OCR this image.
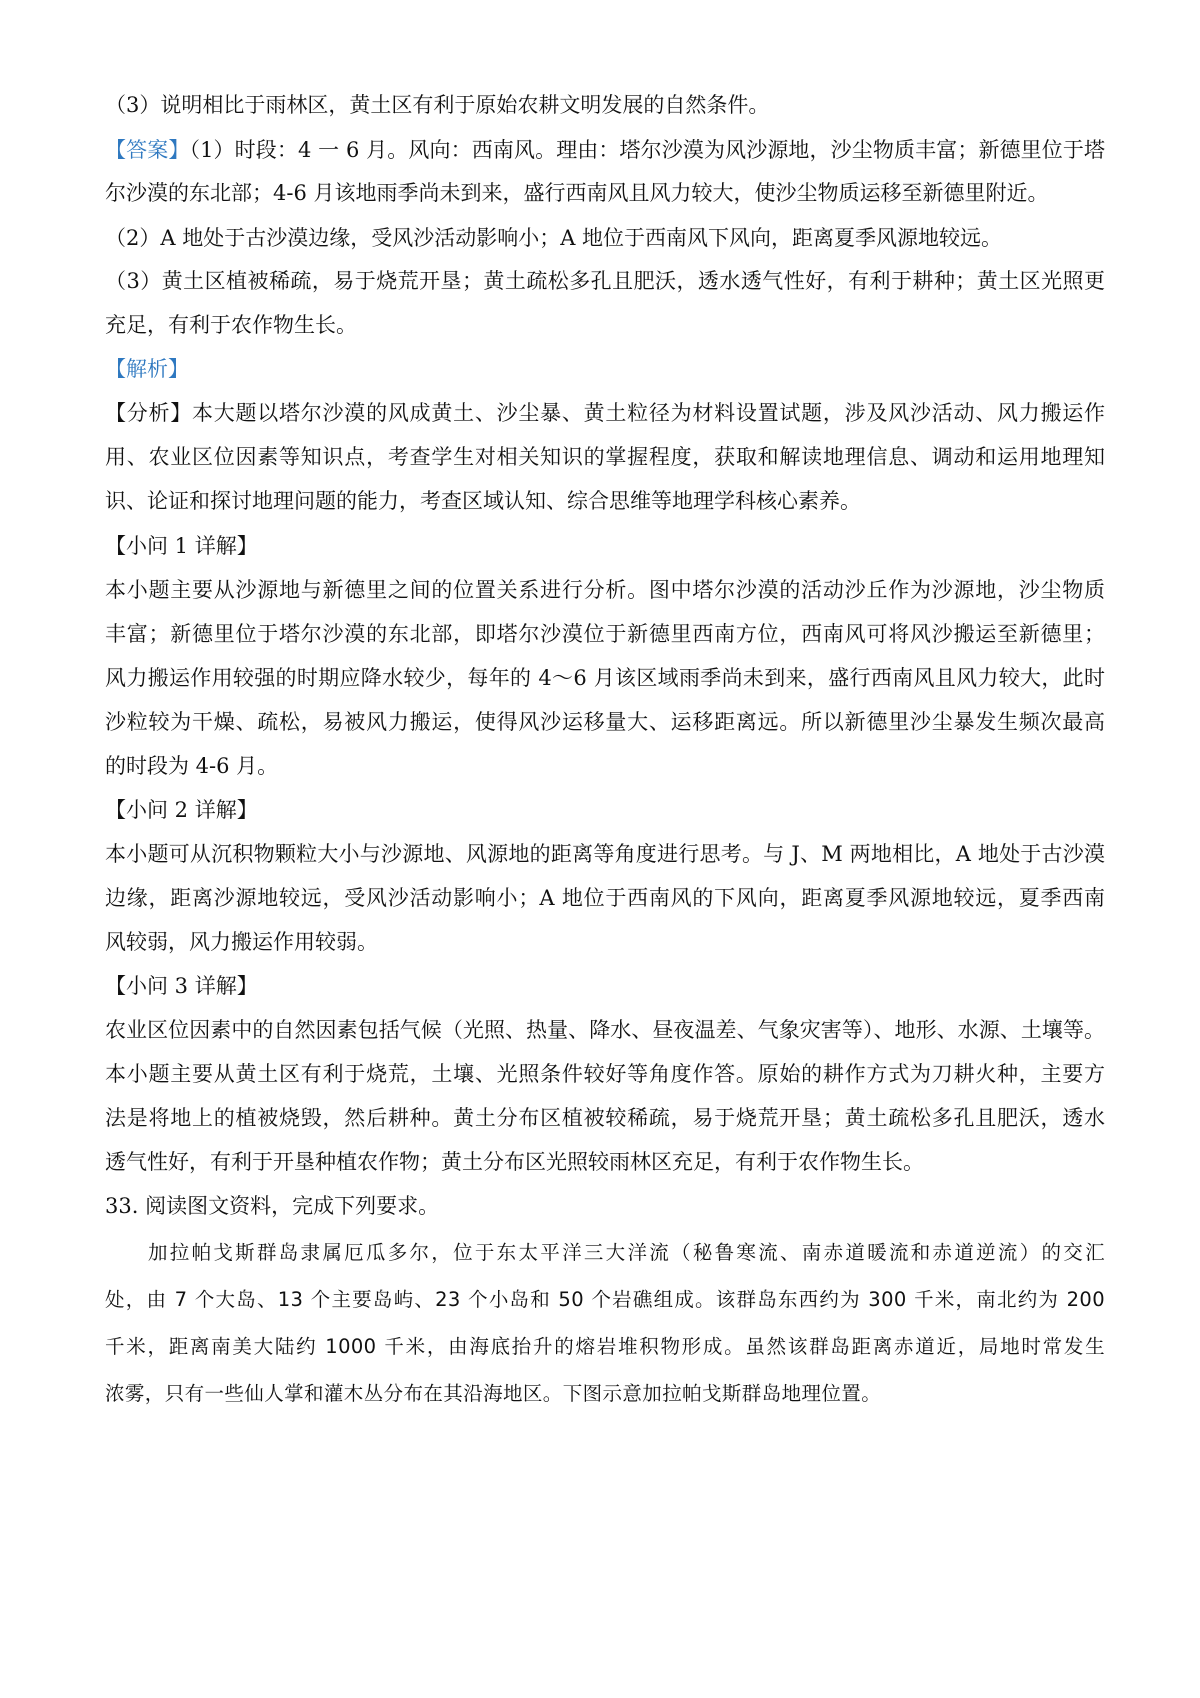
（3）说明相比于雨林区，黄土区有利于原始农耕文明发展的自然条件。
【答案】（1）时段：4 一 6 月。风向：西南风。理由：塔尔沙漠为风沙源地，沙尘物质丰富；新德里位于塔
尔沙漠的东北部；4-6 月该地雨季尚未到来，盛行西南风且风力较大，使沙尘物质运移至新德里附近。
（2）A 地处于古沙漠边缘，受风沙活动影响小；A 地位于西南风下风向，距离夏季风源地较远。
（3）黄土区植被稀疏，易于烧荒开垦；黄土疏松多孔且肥沃，透水透气性好，有利于耕种；黄土区光照更
充足，有利于农作物生长。
【解析】
【分析】本大题以塔尔沙漠的风成黄土、沙尘暴、黄土粒径为材料设置试题，涉及风沙活动、风力搬运作
用、农业区位因素等知识点，考查学生对相关知识的掌握程度，获取和解读地理信息、调动和运用地理知
识、论证和探讨地理问题的能力，考查区域认知、综合思维等地理学科核心素养。
【小问 1 详解】
本小题主要从沙源地与新德里之间的位置关系进行分析。图中塔尔沙漠的活动沙丘作为沙源地，沙尘物质
丰富；新德里位于塔尔沙漠的东北部，即塔尔沙漠位于新德里西南方位，西南风可将风沙搬运至新德里；
风力搬运作用较强的时期应降水较少，每年的 4～6 月该区域雨季尚未到来，盛行西南风且风力较大，此时
沙粒较为干燥、疏松，易被风力搬运，使得风沙运移量大、运移距离远。所以新德里沙尘暴发生频次最高
的时段为 4-6 月。
【小问 2 详解】
本小题可从沉积物颗粒大小与沙源地、风源地的距离等角度进行思考。与 J、M 两地相比，A 地处于古沙漠
边缘，距离沙源地较远，受风沙活动影响小；A 地位于西南风的下风向，距离夏季风源地较远，夏季西南
风较弱，风力搬运作用较弱。
【小问 3 详解】
农业区位因素中的自然因素包括气候（光照、热量、降水、昼夜温差、气象灾害等）、地形、水源、土壤等。
本小题主要从黄土区有利于烧荒，土壤、光照条件较好等角度作答。原始的耕作方式为刀耕火种，主要方
法是将地上的植被烧毁，然后耕种。黄土分布区植被较稀疏，易于烧荒开垦；黄土疏松多孔且肥沃，透水
透气性好，有利于开垦种植农作物；黄土分布区光照较雨林区充足，有利于农作物生长。
33. 阅读图文资料，完成下列要求。
加拉帕戈斯群岛隶属厄瓜多尔，位于东太平洋三大洋流（秘鲁寒流、南赤道暖流和赤道逆流）的交汇
处，由 7 个大岛、13 个主要岛屿、23 个小岛和 50 个岩礁组成。该群岛东西约为 300 千米，南北约为 200
千米，距离南美大陆约 1000 千米，由海底抬升的熔岩堆积物形成。虽然该群岛距离赤道近，局地时常发生
浓雾，只有一些仙人掌和灌木丛分布在其沿海地区。下图示意加拉帕戈斯群岛地理位置。
